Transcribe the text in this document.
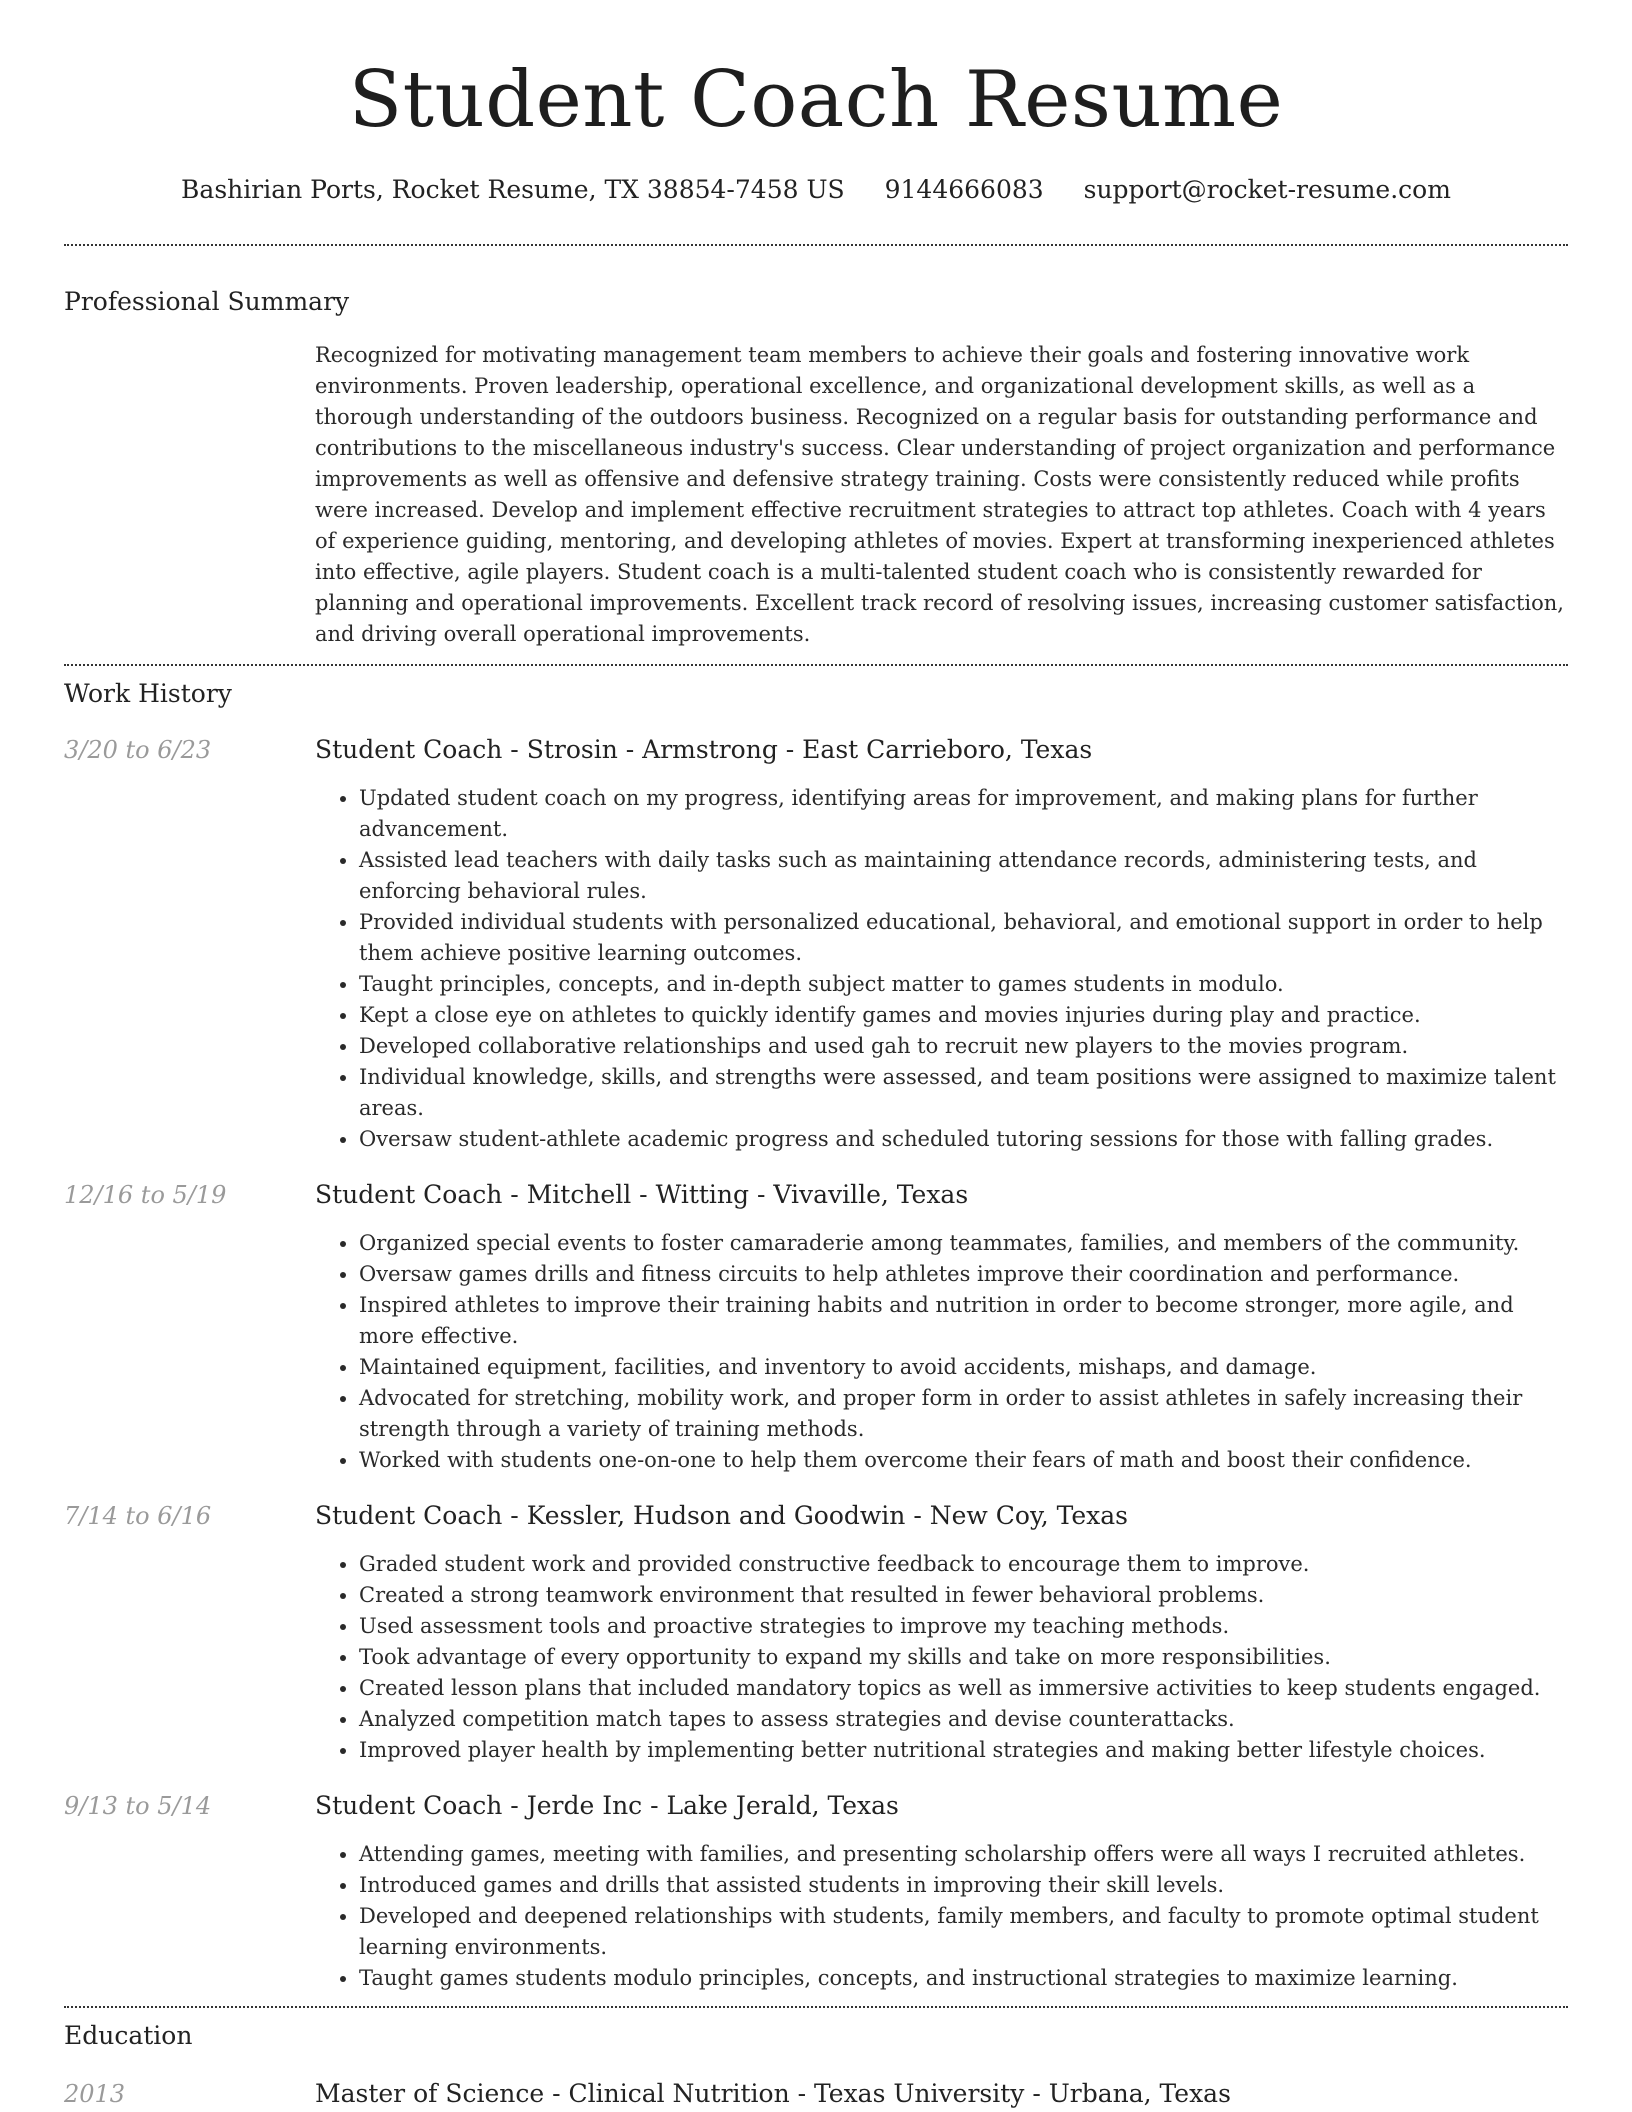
Student Coach Resume
Bashirian Ports, Rocket Resume, TX 38854-7458 US 9144666083 support@rocket-resume.com
Professional Summary
Recognized for motivating management team members to achieve their goals and fostering innovative work environments. Proven leadership, operational excellence, and organizational development skills, as well as a thorough understanding of the outdoors business. Recognized on a regular basis for outstanding performance and contributions to the miscellaneous industry's success. Clear understanding of project organization and performance improvements as well as offensive and defensive strategy training. Costs were consistently reduced while profits were increased. Develop and implement effective recruitment strategies to attract top athletes. Coach with 4 years of experience guiding, mentoring, and developing athletes of movies. Expert at transforming inexperienced athletes into effective, agile players. Student coach is a multi-talented student coach who is consistently rewarded for planning and operational improvements. Excellent track record of resolving issues, increasing customer satisfaction, and driving overall operational improvements.
Work History
3/20 to 6/23	Student Coach - Strosin - Armstrong - East Carrieboro, Texas
• Updated student coach on my progress, identifying areas for improvement, and making plans for further advancement.
• Assisted lead teachers with daily tasks such as maintaining attendance records, administering tests, and enforcing behavioral rules.
• Provided individual students with personalized educational, behavioral, and emotional support in order to help them achieve positive learning outcomes.
• Taught principles, concepts, and in-depth subject matter to games students in modulo.
• Kept a close eye on athletes to quickly identify games and movies injuries during play and practice.
• Developed collaborative relationships and used gah to recruit new players to the movies program.
• Individual knowledge, skills, and strengths were assessed, and team positions were assigned to maximize talent areas.
• Oversaw student-athlete academic progress and scheduled tutoring sessions for those with falling grades.
12/16 to 5/19	Student Coach - Mitchell - Witting - Vivaville, Texas
• Organized special events to foster camaraderie among teammates, families, and members of the community.
• Oversaw games drills and fitness circuits to help athletes improve their coordination and performance.
• Inspired athletes to improve their training habits and nutrition in order to become stronger, more agile, and more effective.
• Maintained equipment, facilities, and inventory to avoid accidents, mishaps, and damage.
• Advocated for stretching, mobility work, and proper form in order to assist athletes in safely increasing their strength through a variety of training methods.
• Worked with students one-on-one to help them overcome their fears of math and boost their confidence.
7/14 to 6/16	Student Coach - Kessler, Hudson and Goodwin - New Coy, Texas
• Graded student work and provided constructive feedback to encourage them to improve.
• Created a strong teamwork environment that resulted in fewer behavioral problems.
• Used assessment tools and proactive strategies to improve my teaching methods.
• Took advantage of every opportunity to expand my skills and take on more responsibilities.
• Created lesson plans that included mandatory topics as well as immersive activities to keep students engaged.
• Analyzed competition match tapes to assess strategies and devise counterattacks.
• Improved player health by implementing better nutritional strategies and making better lifestyle choices.
9/13 to 5/14	Student Coach - Jerde Inc - Lake Jerald, Texas
• Attending games, meeting with families, and presenting scholarship offers were all ways I recruited athletes.
• Introduced games and drills that assisted students in improving their skill levels.
• Developed and deepened relationships with students, family members, and faculty to promote optimal student learning environments.
• Taught games students modulo principles, concepts, and instructional strategies to maximize learning.
Education
2013	Master of Science - Clinical Nutrition - Texas University - Urbana, Texas
